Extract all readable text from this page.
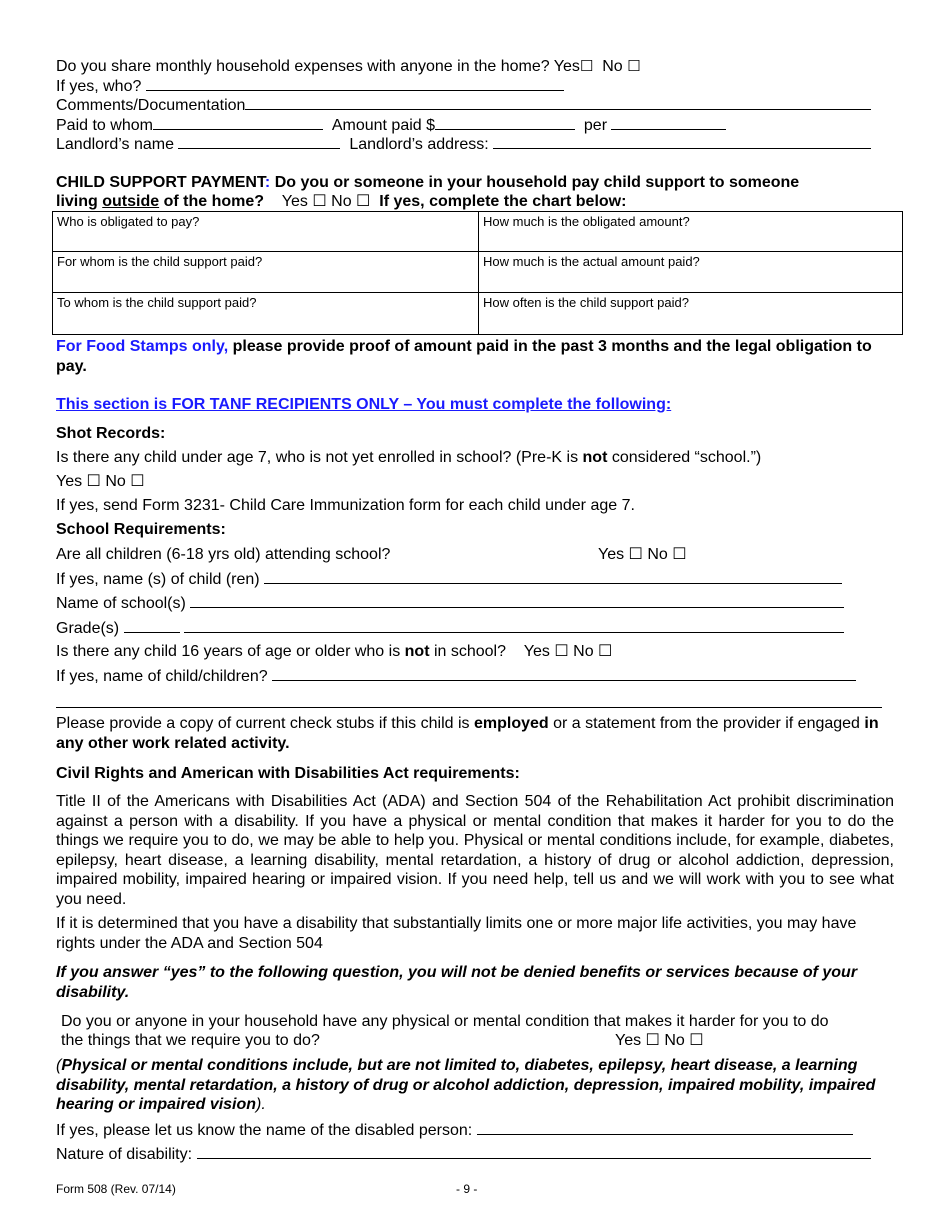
Do you share monthly household expenses with anyone in the home? Yes☐ No ☐
If yes, who?
Comments/Documentation
Paid to whom	Amount paid $	per
Landlord’s name	Landlord’s address:
CHILD SUPPORT PAYMENT: Do you or someone in your household pay child support to someone
living outside of the home? Yes ☐ No ☐ If yes, complete the chart below:
Who is obligated to pay?	How much is the obligated amount?
For whom is the child support paid?	How much is the actual amount paid?
To whom is the child support paid?	How often is the child support paid?
For Food Stamps only, please provide proof of amount paid in the past 3 months and the legal obligation to pay.
This section is FOR TANF RECIPIENTS ONLY – You must complete the following:
Shot Records:
Is there any child under age 7, who is not yet enrolled in school? (Pre-K is not considered “school.”)
Yes ☐ No ☐
If yes, send Form 3231- Child Care Immunization form for each child under age 7.
School Requirements:
Are all children (6-18 yrs old) attending school?	Yes ☐ No ☐
If yes, name (s) of child (ren)
Name of school(s)
Grade(s)
Is there any child 16 years of age or older who is not in school? Yes ☐ No ☐
If yes, name of child/children?
Please provide a copy of current check stubs if this child is employed or a statement from the provider if engaged in any other work related activity.
Civil Rights and American with Disabilities Act requirements:
Title II of the Americans with Disabilities Act (ADA) and Section 504 of the Rehabilitation Act prohibit discrimination against a person with a disability. If you have a physical or mental condition that makes it harder for you to do the things we require you to do, we may be able to help you. Physical or mental conditions include, for example, diabetes, epilepsy, heart disease, a learning disability, mental retardation, a history of drug or alcohol addiction, depression, impaired mobility, impaired hearing or impaired vision. If you need help, tell us and we will work with you to see what you need.
If it is determined that you have a disability that substantially limits one or more major life activities, you may have rights under the ADA and Section 504
If you answer “yes” to the following question, you will not be denied benefits or services because of your disability.
Do you or anyone in your household have any physical or mental condition that makes it harder for you to do
the things that we require you to do?	Yes ☐ No ☐
(Physical or mental conditions include, but are not limited to, diabetes, epilepsy, heart disease, a learning disability, mental retardation, a history of drug or alcohol addiction, depression, impaired mobility, impaired hearing or impaired vision).
If yes, please let us know the name of the disabled person:
Nature of disability:
Form 508 (Rev. 07/14)	- 9 -
